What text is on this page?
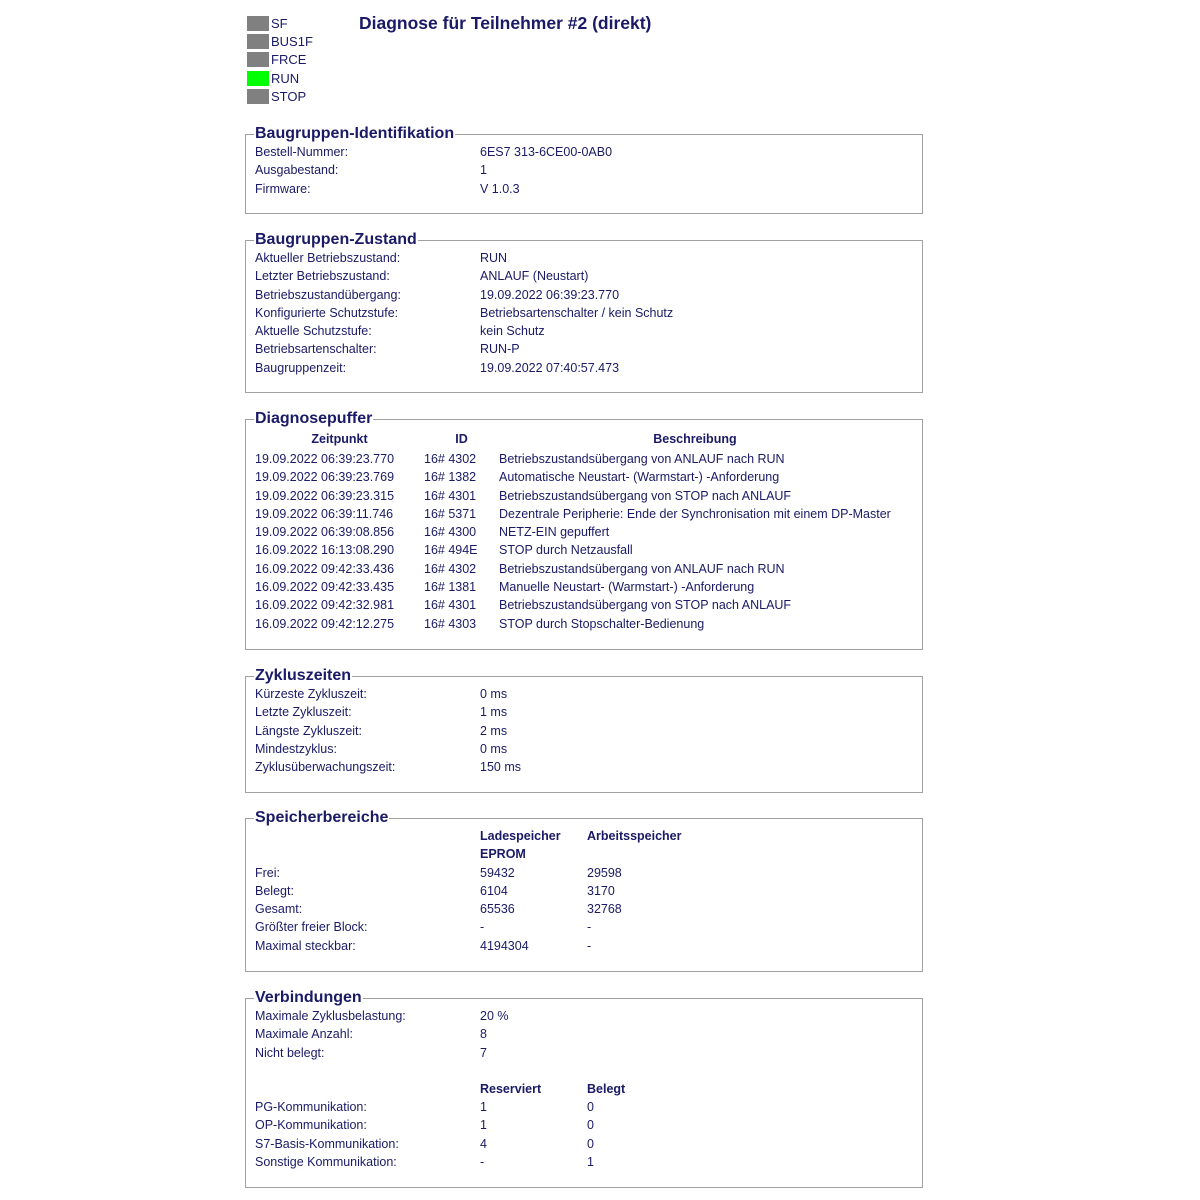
SF
BUS1F
FRCE
RUN
STOP
Diagnose für Teilnehmer #2 (direkt)
Baugruppen-Identifikation
Bestell-Nummer:	6ES7 313-6CE00-0AB0
Ausgabestand:	1
Firmware:	V 1.0.3
Baugruppen-Zustand
Aktueller Betriebszustand:	RUN
Letzter Betriebszustand:	ANLAUF (Neustart)
Betriebszustandübergang:	19.09.2022 06:39:23.770
Konfigurierte Schutzstufe:	Betriebsartenschalter / kein Schutz
Aktuelle Schutzstufe:	kein Schutz
Betriebsartenschalter:	RUN-P
Baugruppenzeit:	19.09.2022 07:40:57.473
Diagnosepuffer
Zeitpunkt	ID	Beschreibung
19.09.2022 06:39:23.770	16# 4302	Betriebszustandsübergang von ANLAUF nach RUN
19.09.2022 06:39:23.769	16# 1382	Automatische Neustart- (Warmstart-) -Anforderung
19.09.2022 06:39:23.315	16# 4301	Betriebszustandsübergang von STOP nach ANLAUF
19.09.2022 06:39:11.746	16# 5371	Dezentrale Peripherie: Ende der Synchronisation mit einem DP-Master
19.09.2022 06:39:08.856	16# 4300	NETZ-EIN gepuffert
16.09.2022 16:13:08.290	16# 494E	STOP durch Netzausfall
16.09.2022 09:42:33.436	16# 4302	Betriebszustandsübergang von ANLAUF nach RUN
16.09.2022 09:42:33.435	16# 1381	Manuelle Neustart- (Warmstart-) -Anforderung
16.09.2022 09:42:32.981	16# 4301	Betriebszustandsübergang von STOP nach ANLAUF
16.09.2022 09:42:12.275	16# 4303	STOP durch Stopschalter-Bedienung
Zykluszeiten
Kürzeste Zykluszeit:	0 ms
Letzte Zykluszeit:	1 ms
Längste Zykluszeit:	2 ms
Mindestzyklus:	0 ms
Zyklusüberwachungszeit:	150 ms
Speicherbereiche
	Ladespeicher EPROM	Arbeitsspeicher
Frei:	59432	29598
Belegt:	6104	3170
Gesamt:	65536	32768
Größter freier Block:	-	-
Maximal steckbar:	4194304	-
Verbindungen
Maximale Zyklusbelastung:	20 %
Maximale Anzahl:	8
Nicht belegt:	7
	Reserviert	Belegt
PG-Kommunikation:	1	0
OP-Kommunikation:	1	0
S7-Basis-Kommunikation:	4	0
Sonstige Kommunikation:	-	1
